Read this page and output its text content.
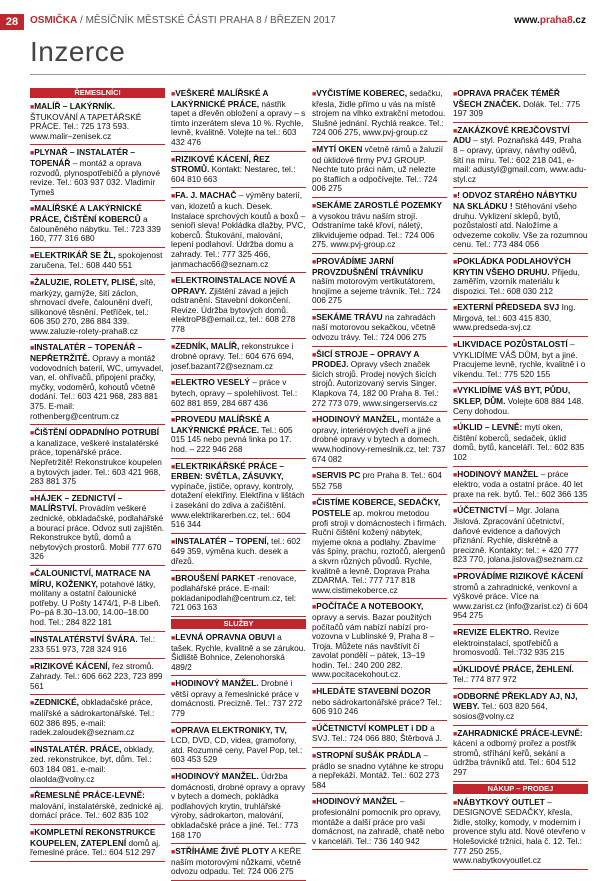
28	OSMIČKA / MĚSÍČNÍK MĚSTSKÉ ČÁSTI PRAHA 8 / BŘEZEN 2017	www.praha8.cz
Inzerce
ŘEMESLNÍCI
■ MALÍŘ – LAKÝRNÍK. ŠTUKOVÁNÍ A TAPETÁŘSKÉ PRÁCE. Tel.: 725 173 593. www.malir–zenisek.cz
■ PLYNAŘ – INSTALATÉR –TOPENÁŘ – montáž a oprava rozvodů, plynospotřebičů a plynové revize. Tel.: 603 937 032. Vladimír Tymeš
■ MALÍŘSKÉ A LAKÝRNICKÉ PRÁCE, ČIŠTĚNÍ KOBERCŮ a čalouněného nábytku. Tel.: 723 339 160, 777 316 680
■ ELEKTRIKÁŘ SE ŽL, spokojenost zaručena. Tel.: 608 440 551
■ ŽALUZIE, ROLETY, PLISÉ, sítě, markýzy, garnýže, šití záclon, shrnovací dveře, čalounění dveří, silikonové těsnění. Petříček, tel.: 606 350 270, 286 884 339. www.zaluzie-rolety-praha8.cz
■ INSTALATÉR – TOPENÁŘ – NEPŘETRŽITĚ. Opravy a montáž vodovodních baterií, WC, umyvadel, van, el. ohřívačů, připojení pračky, myčky, vodoměrů, kohoutů včetně dodání. Tel.: 603 421 968, 283 881 375. E-mail: rothenberg@centrum.cz
■ ČIŠTĚNÍ ODPADNÍHO POTRUBÍ a kanalizace, veškeré instalatérské práce, topenářské práce. Nepřetržitě! Rekonstrukce koupelen a bytových jader. Tel.: 603 421 968, 283 881 375
■ HÁJEK – ZEDNICTVÍ – MALÍŘSTVÍ. Provádím veškeré zednické, obkladačské, podlahářské a bourací práce. Odvoz suti zajištěn. Rekonstrukce bytů, domů a nebytových prostorů. Mobil 777 670 326
■ ČALOUNICTVÍ, MATRACE NA MÍRU, KOŽENKY, potahové látky, molitany a ostatní čalounické potřeby. U Pošty 1474/1, P-8 Libeň. Po–pá 8.30–13.00, 14.00–18.00 hod. Tel.: 284 822 181
■ INSTALATÉRSTVÍ ŠVÁRA. Tel.: 233 551 973, 728 324 916
■ RIZIKOVÉ KÁCENÍ, řez stromů. Zahrady. Tel.: 606 662 223, 723 899 561
■ ZEDNICKÉ, obkladačské práce, malířské a sádrokartonářské. Tel.: 602 386 895, e-mail: radek.zaloudek@seznam.cz
■ INSTALATÉR. PRÁCE, obklady, zed. rekonstrukce, byt, dům. Tel.: 603 184 081. e-mail: olaolda@volny.cz
■ ŘEMESLNÉ PRÁCE-LEVNĚ: malování, instalatérské, zednické aj. domácí práce. Tel.: 602 835 102
■ KOMPLETNÍ REKONSTRUKCE KOUPELEN, ZATEPLENÍ domů aj. řemeslné práce. Tel.: 604 512 297
■ VEŠKERÉ MALÍŘSKÉ A LAKÝRNICKÉ PRÁCE, nástřik tapet a dřevěn obložení a opravy – s tímto inzerátem sleva 10 %. Rychle, levně, kvalitně. Volejte na tel.: 603 432 476
■ RIZIKOVÉ KÁCENÍ, ŘEZ STROMŮ. Kontakt: Nestarec, tel.: 604 810 663
■ FA. J. MACHAČ – výměny baterií, van, klozetů a kuch. Desek. Instalace sprchových koutů a boxů – senioři sleva! Pokládka dlažby, PVC, koberců. Štukování, malování, lepení podlahoví. Údržba domu a zahrady. Tel.: 777 325 466, janmachac66@seznam.cz
■ ELEKTROINSTALACE NOVÉ A OPRAVY. Zjištění závad a jejich odstranění. Stavební dokončení. Revize. Údržba bytových domů. elektroP8@email.cz, tel.: 608 278 778
■ ZEDNÍK, MALÍŘ, rekonstrukce i drobné opravy. Tel.: 604 676 694, josef.bazant72@seznam.cz
■ ELEKTRO VESELÝ – práce v bytech, opravy – spolehlivost. Tel.: 602 881 859, 284 687 436
■ PROVEDU MALÍŘSKÉ A LAKÝRNICKÉ PRÁCE. Tel.: 605 015 145 nebo pevná linka po 17. hod. – 222 946 268
■ ELEKTRIKÁŘSKÉ PRÁCE – ERBEN: SVĚTLA, ZÁSUVKY, vypínače, jističe, opravy, kontroly, dotažení elektřiny. Elektřina v lištách i zasekání do zdiva a začištění. www.elektrikarerben.cz, tel.: 604 516 344
■ INSTALATÉR – TOPENÍ, tel.: 602 649 359, výměna kuch. desek a dřezů.
■ BROUŠENÍ PARKET -renovace, podlahářské práce. E-mail: pokladanipodlah@centrum.cz, tel: 721 063 163
SLUŽBY
■ LEVNÁ OPRAVNA OBUVI a tašek. Rychle, kvalitně a se zárukou. Šidliště Bohnice, Zelenohorská 489/2
■ HODINOVÝ MANŽEL. Drobné i větší opravy a řemeslnické práce v domácnosti. Precizně. Tel.: 737 272 779
■ OPRAVA ELEKTRONIKY, TV, LCD, DVD, CD, videa, gramofony, atd. Rozumné ceny, Pavel Pop, tel.: 603 453 529
■ HODINOVÝ MANŽEL. Údržba domácnosti, drobné opravy a opravy v bytech a domech, pokládka podlahových krytin, truhlářské výroby, sádrokarton, malování, obkladačské práce a jiné. Tel.: 773 168 170
■ STŘÍHÁME ŽIVÉ PLOTY A KEŘE naším motorovými nůžkami, včetně odvozu odpadu. Tel: 724 006 275
■ VYČISTÍME KOBEREC, sedačku, křesla, židle přímo u vás na místě strojem na vlhko extrakční metodou. Slušné jednání. Rychlá reakce. Tel.: 724 006 275, www.pvj-group.cz
■ MYTÍ OKEN včetně rámů a žaluzií od úklidové firmy PVJ GROUP. Nechte tuto práci nám, už nelezte po štaflích a odpočívejte. Tel.: 724 006 275
■ SEKÁME ZAROSTLÉ POZEMKY a vysokou trávu naším strojí. Odstraníme také křoví, náletý, zlikvidujeme odpad. Tel.: 724 006 275. www.pvj-group.cz
■ PROVÁDÍME JARNÍ PROVZDUŠNĚNÍ TRÁVNÍKU naším motorovým vertikutátorem, hnojíme a sejeme trávník. Tel.: 724 006 275
■ SEKÁME TRÁVU na zahradách naší motorovou sekačkou, včetně odvozu trávy. Tel.: 724 006 275
■ ŠICÍ STROJE – OPRAVY A PRODEJ. Opravy všech značek šicích strojů. Prodej nových šicích strojů. Autorizovaný servis Singer. Klapkova 74, 182 00 Praha 8. Tel.: 272 773 079, www.singerservis.cz
■ HODINOVÝ MANŽEL, montáže a opravy, interiérových dveří a jiné drobné opravy v bytech a domech. www.hodinovy-remeslnik.cz, tel: 737 674 082
■ SERVIS PC pro Praha 8. Tel.: 604 552 758
■ ČISTÍME KOBERCE, SEDAČKY, POSTELE ap. mokrou metodou profi stroji v domácnostech i firmách. Ruční čištění kožený nábytek, myjeme okna a podlahy. Zbavíme vás špíny, prachu, roztočů, alergenů a skvrn různých původů. Rychle, kvalitně a levně. Doprava Praha ZDARMA. Tel.: 777 717 818 www.cistimekoberce.cz
■ POČÍTAČE A NOTEBOOKY, opravy a servis. Bazar použitých počítačů vám nabízí nabízí pro-vozovna v Lublinské 9, Praha 8 – Troja. Můžete nás navštívit čí zavolat pondělí – pátek, 13–19 hodin. Tel.: 240 200 282. www.pocitacekohout.cz.
■ HLEDÁTE STAVEBNÍ DOZOR nebo sádrokartonářské práce? Tel.: 606 910 246
■ ÚČETNICTVÍ KOMPLET i DD a SVJ. Tel.: 724 066 880, Štěrbová J.
■ STROPNÍ SUŠÁK PRÁDLA – prádlo se snadno vytáhne ke stropu a nepřekáží. Montáž. Tel.: 602 273 584
■ HODINOVÝ MANŽEL – profesionální pomocník pro opravy, montáže a další práce pro vaši domácnost, na zahradě, chatě nebo v kanceláři. Tel.: 736 140 942
■ OPRAVA PRAČEK TÉMĚŘ VŠECH ZNAČEK. Dolák. Tel.: 775 197 309
■ ZAKÁZKOVÉ KREJČOVSTVÍ ADU – styl. Poznaňská 449, Praha 8 – opravy, úpravy, návrhy oděvů, šití na míru. Tel.: 602 218 041, e-mail: adustyl@gmail.com, www.adu-styl.cz
■ ! ODVOZ STARÉHO NÁBYTKU NA SKLÁDKU ! Stěhování všeho druhu. Vyklizení sklepů, bytů, pozůstalostí atd. Naložíme a odvezeme cokoliv. Vše za rozumnou cenu. Tel.: 773 484 056
■ POKLÁDKA PODLAHOVÝCH KRYTIN VŠEHO DRUHU. Přijedu, zaměřím, vzorník materiálu k dispozici. Tel.: 608 030 212
■ EXTERNÍ PŘEDSEDA SVJ Ing. Mirgová, tel.: 603 415 830, www.predseda-svj.cz
■ LIKVIDACE POZŮSTALOSTÍ – VYKLIDÍME VÁŠ DŮM, byt a jiné. Pracujeme levně, rychle, kvalitně i o víkendu. Tel.: 775 520 155
■ VYKLIDÍME VÁŠ BYT, PŮDU, SKLEP, DŮM. Volejte 608 884 148. Ceny dohodou.
■ ÚKLID – LEVNĚ: mytí oken, čištění koberců, sedaček, úklid domů, bytů, kanceláří. Tel.: 602 835 102
■ HODINOVÝ MANŽEL – práce elektro, voda a ostatní práce. 40 let praxe na rek. bytů. Tel.: 602 366 135
■ ÚČETNICTVÍ – Mgr. Jolana Jislová. Zpracování účetnictví, daňové evidence a daňových přiznání. Rychle, diskrétně a precizně. Kontakty: tel.: + 420 777 823 770, jolana.jislova@seznam.cz
■ PROVÁDÍME RIZIKOVÉ KÁCENÍ stromů a zahradnické, venkovní a výškové práce. Více na www.zarist.cz (info@zarist.cz) či 604 954 275
■ REVIZE ELEKTRO. Revize elektroinstalací, spotřebičů a hromosvodů. Tel.:732 935 215
■ ÚKLIDOVÉ PRÁCE, ŽEHLENÍ. Tel.: 774 877 972
■ ODBORNÉ PŘEKLADY AJ, NJ, WEBY. Tel.: 603 820 564, sosios@volny.cz
■ ZAHRADNICKÉ PRÁCE-LEVNĚ: kácení a odborný prořez a postřik stromů, stříhání keřů, sekání a údržba trávníků atd. Tel.: 604 512 297
NÁKUP – PRODEJ
■ NÁBYTKOVÝ OUTLET – DESIGNOVÉ SEDAČKY, křesla, židle, stolky, komody, v modernim i provence stylu atd. Nové otevřeno v Holešovické tržnici, hala č. 12. Tel.: 777 250 255, www.nabytkovyoutlet.cz
